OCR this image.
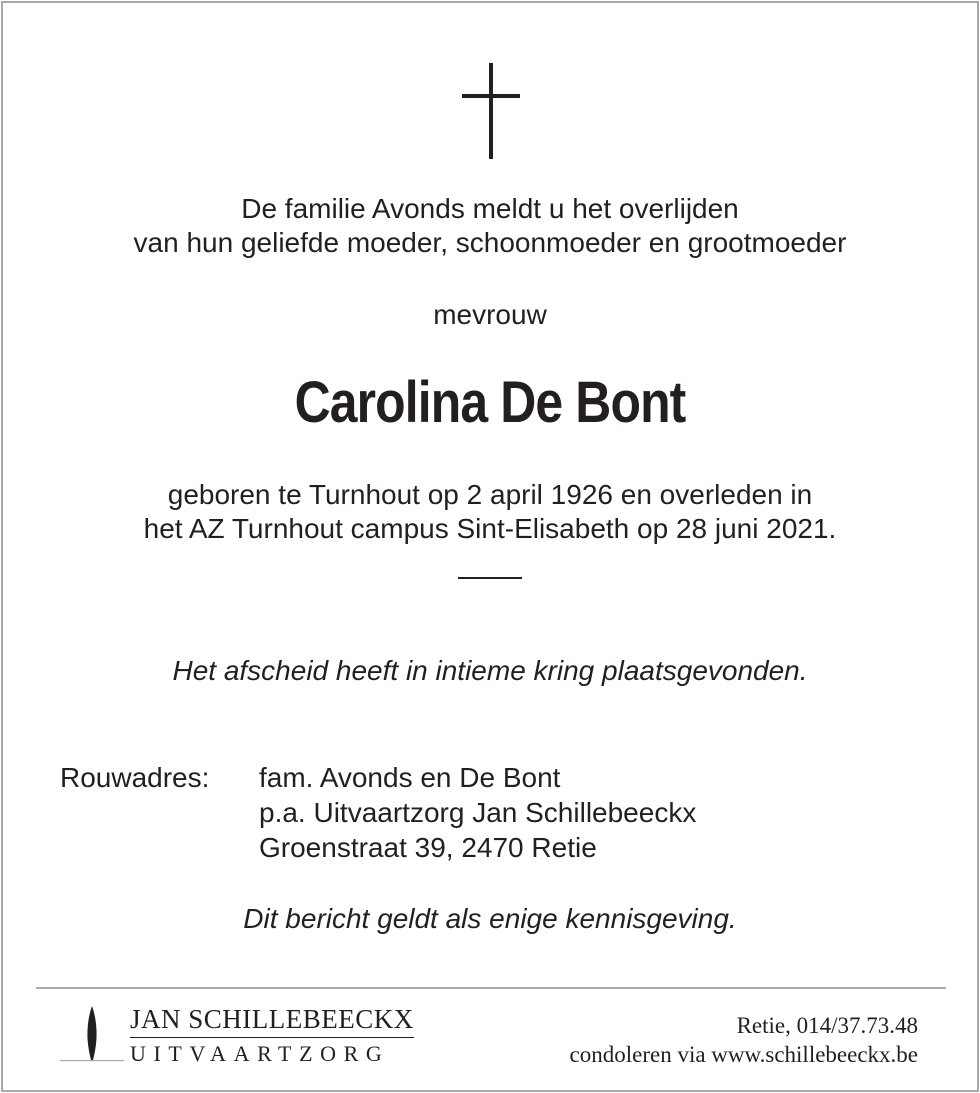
De familie Avonds meldt u het overlijden
van hun geliefde moeder, schoonmoeder en grootmoeder
mevrouw
Carolina De Bont
geboren te Turnhout op 2 april 1926 en overleden in
het AZ Turnhout campus Sint-Elisabeth op 28 juni 2021.
Het afscheid heeft in intieme kring plaatsgevonden.
Rouwadres: fam. Avonds en De Bont
p.a. Uitvaartzorg Jan Schillebeeckx
Groenstraat 39, 2470 Retie
Dit bericht geldt als enige kennisgeving.
JAN SCHILLEBEECKX
UITVAARTZORG
Retie, 014/37.73.48
condoleren via www.schillebeeckx.be
